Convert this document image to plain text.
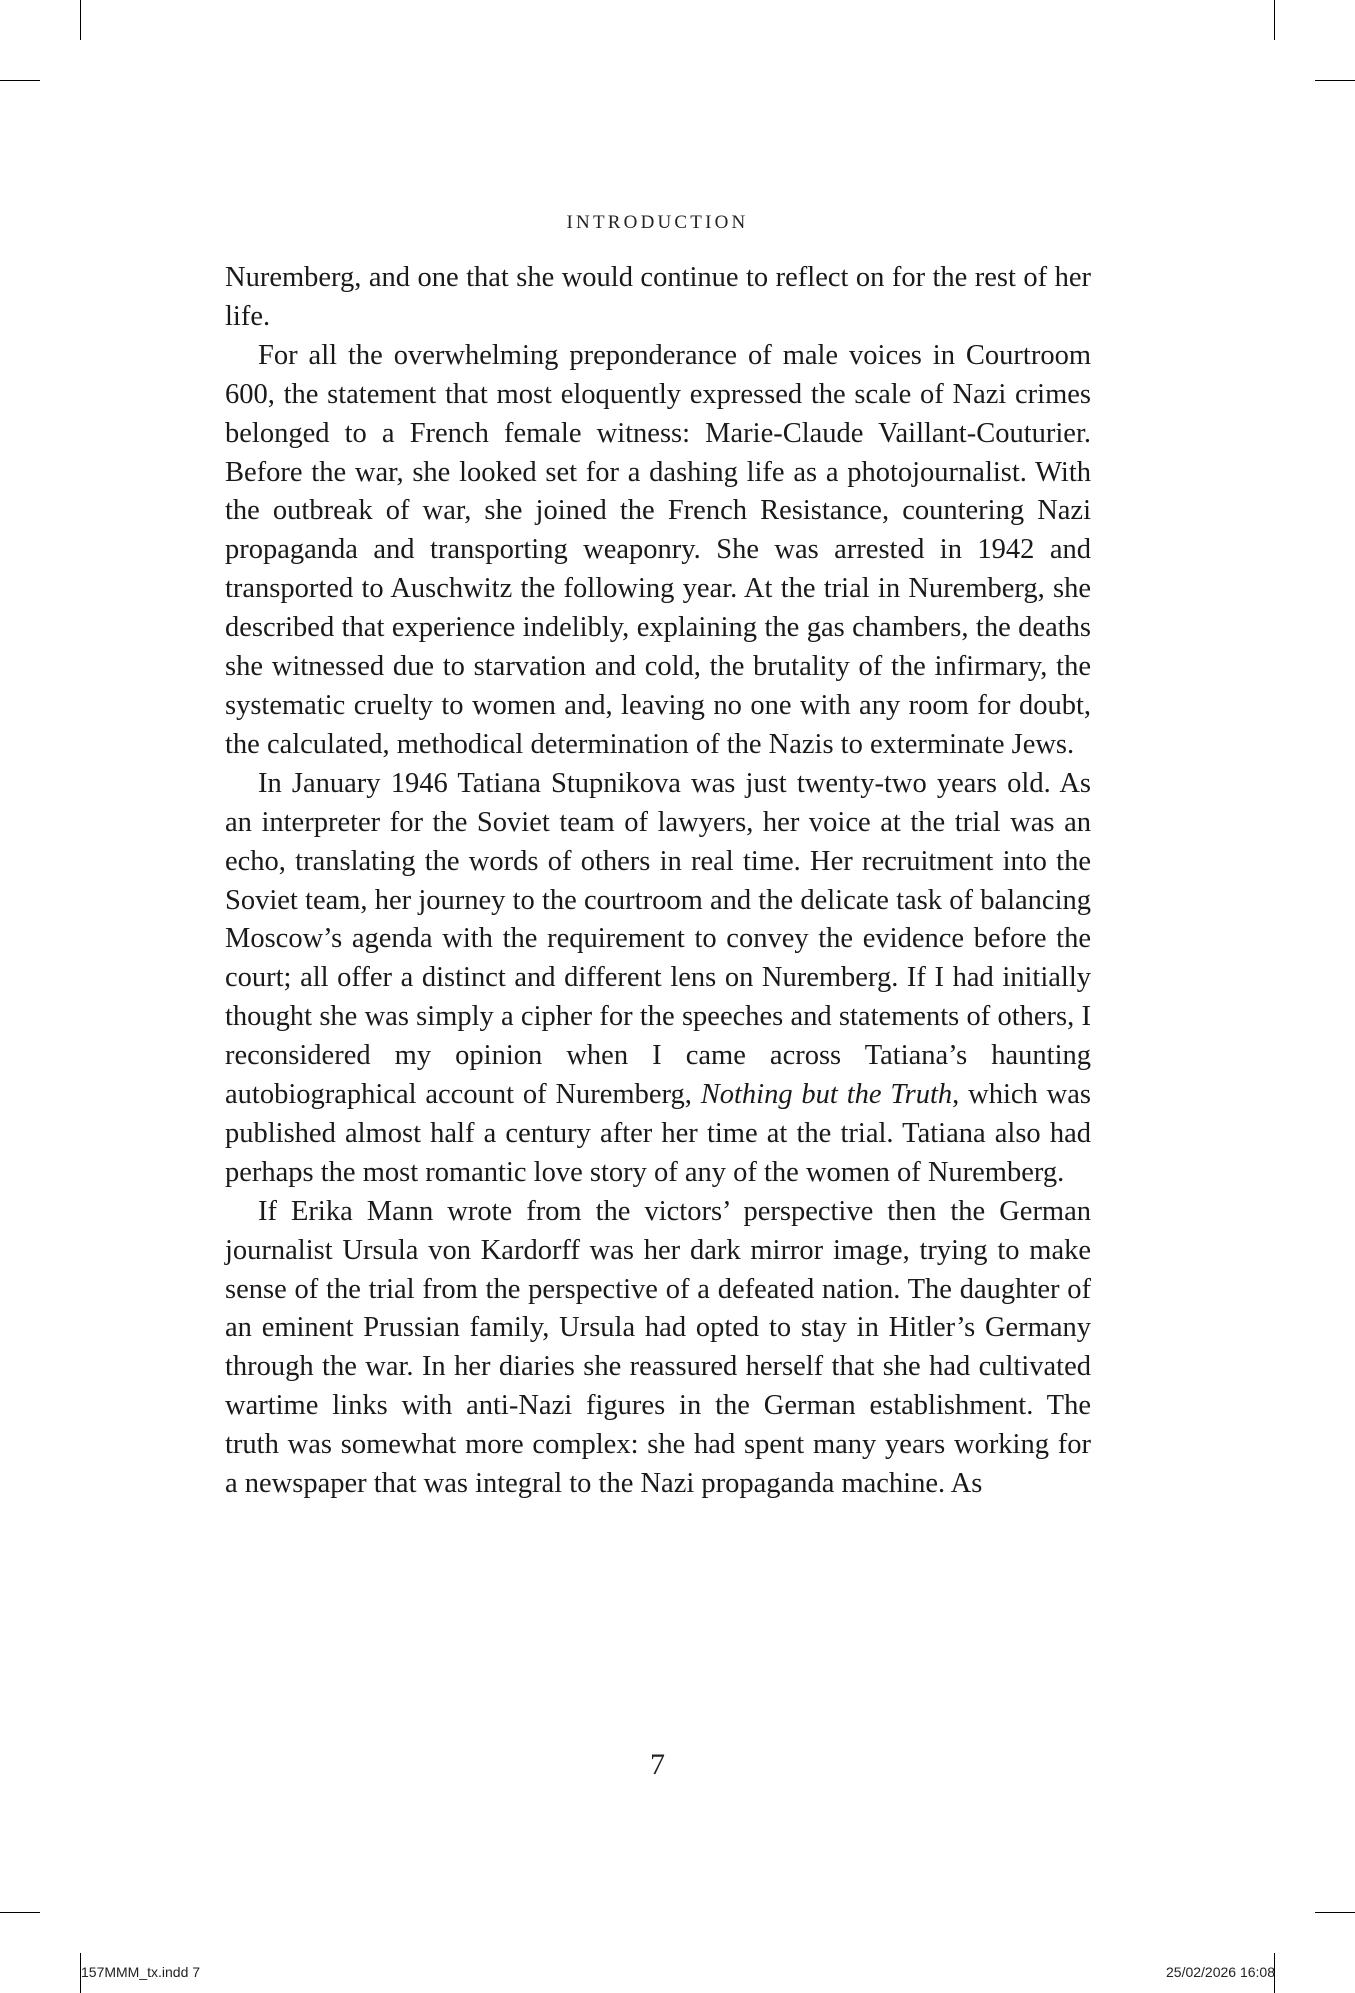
INTRODUCTION

Nuremberg, and one that she would continue to reflect on for the rest of her life.

For all the overwhelming preponderance of male voices in Courtroom 600, the statement that most eloquently expressed the scale of Nazi crimes belonged to a French female witness: Marie-Claude Vaillant-Couturier. Before the war, she looked set for a dashing life as a photojournalist. With the outbreak of war, she joined the French Resistance, countering Nazi propaganda and transporting weaponry. She was arrested in 1942 and transported to Auschwitz the following year. At the trial in Nuremberg, she described that experience indelibly, explaining the gas chambers, the deaths she witnessed due to starvation and cold, the brutality of the infirmary, the systematic cruelty to women and, leaving no one with any room for doubt, the calculated, methodical determination of the Nazis to exterminate Jews.

In January 1946 Tatiana Stupnikova was just twenty-two years old. As an interpreter for the Soviet team of lawyers, her voice at the trial was an echo, translating the words of others in real time. Her recruitment into the Soviet team, her journey to the courtroom and the delicate task of balancing Moscow’s agenda with the requirement to convey the evidence before the court; all offer a distinct and different lens on Nuremberg. If I had initially thought she was simply a cipher for the speeches and statements of others, I reconsidered my opinion when I came across Tatiana’s haunting autobiographical account of Nuremberg, Nothing but the Truth, which was published almost half a century after her time at the trial. Tatiana also had perhaps the most romantic love story of any of the women of Nuremberg.

If Erika Mann wrote from the victors’ perspective then the German journalist Ursula von Kardorff was her dark mirror image, trying to make sense of the trial from the perspective of a defeated nation. The daughter of an eminent Prussian family, Ursula had opted to stay in Hitler’s Germany through the war. In her diaries she reassured herself that she had cultivated wartime links with anti-Nazi figures in the German establishment. The truth was somewhat more complex: she had spent many years working for a newspaper that was integral to the Nazi propaganda machine. As

7
157MMM_tx.indd 7	25/02/2026 16:08
